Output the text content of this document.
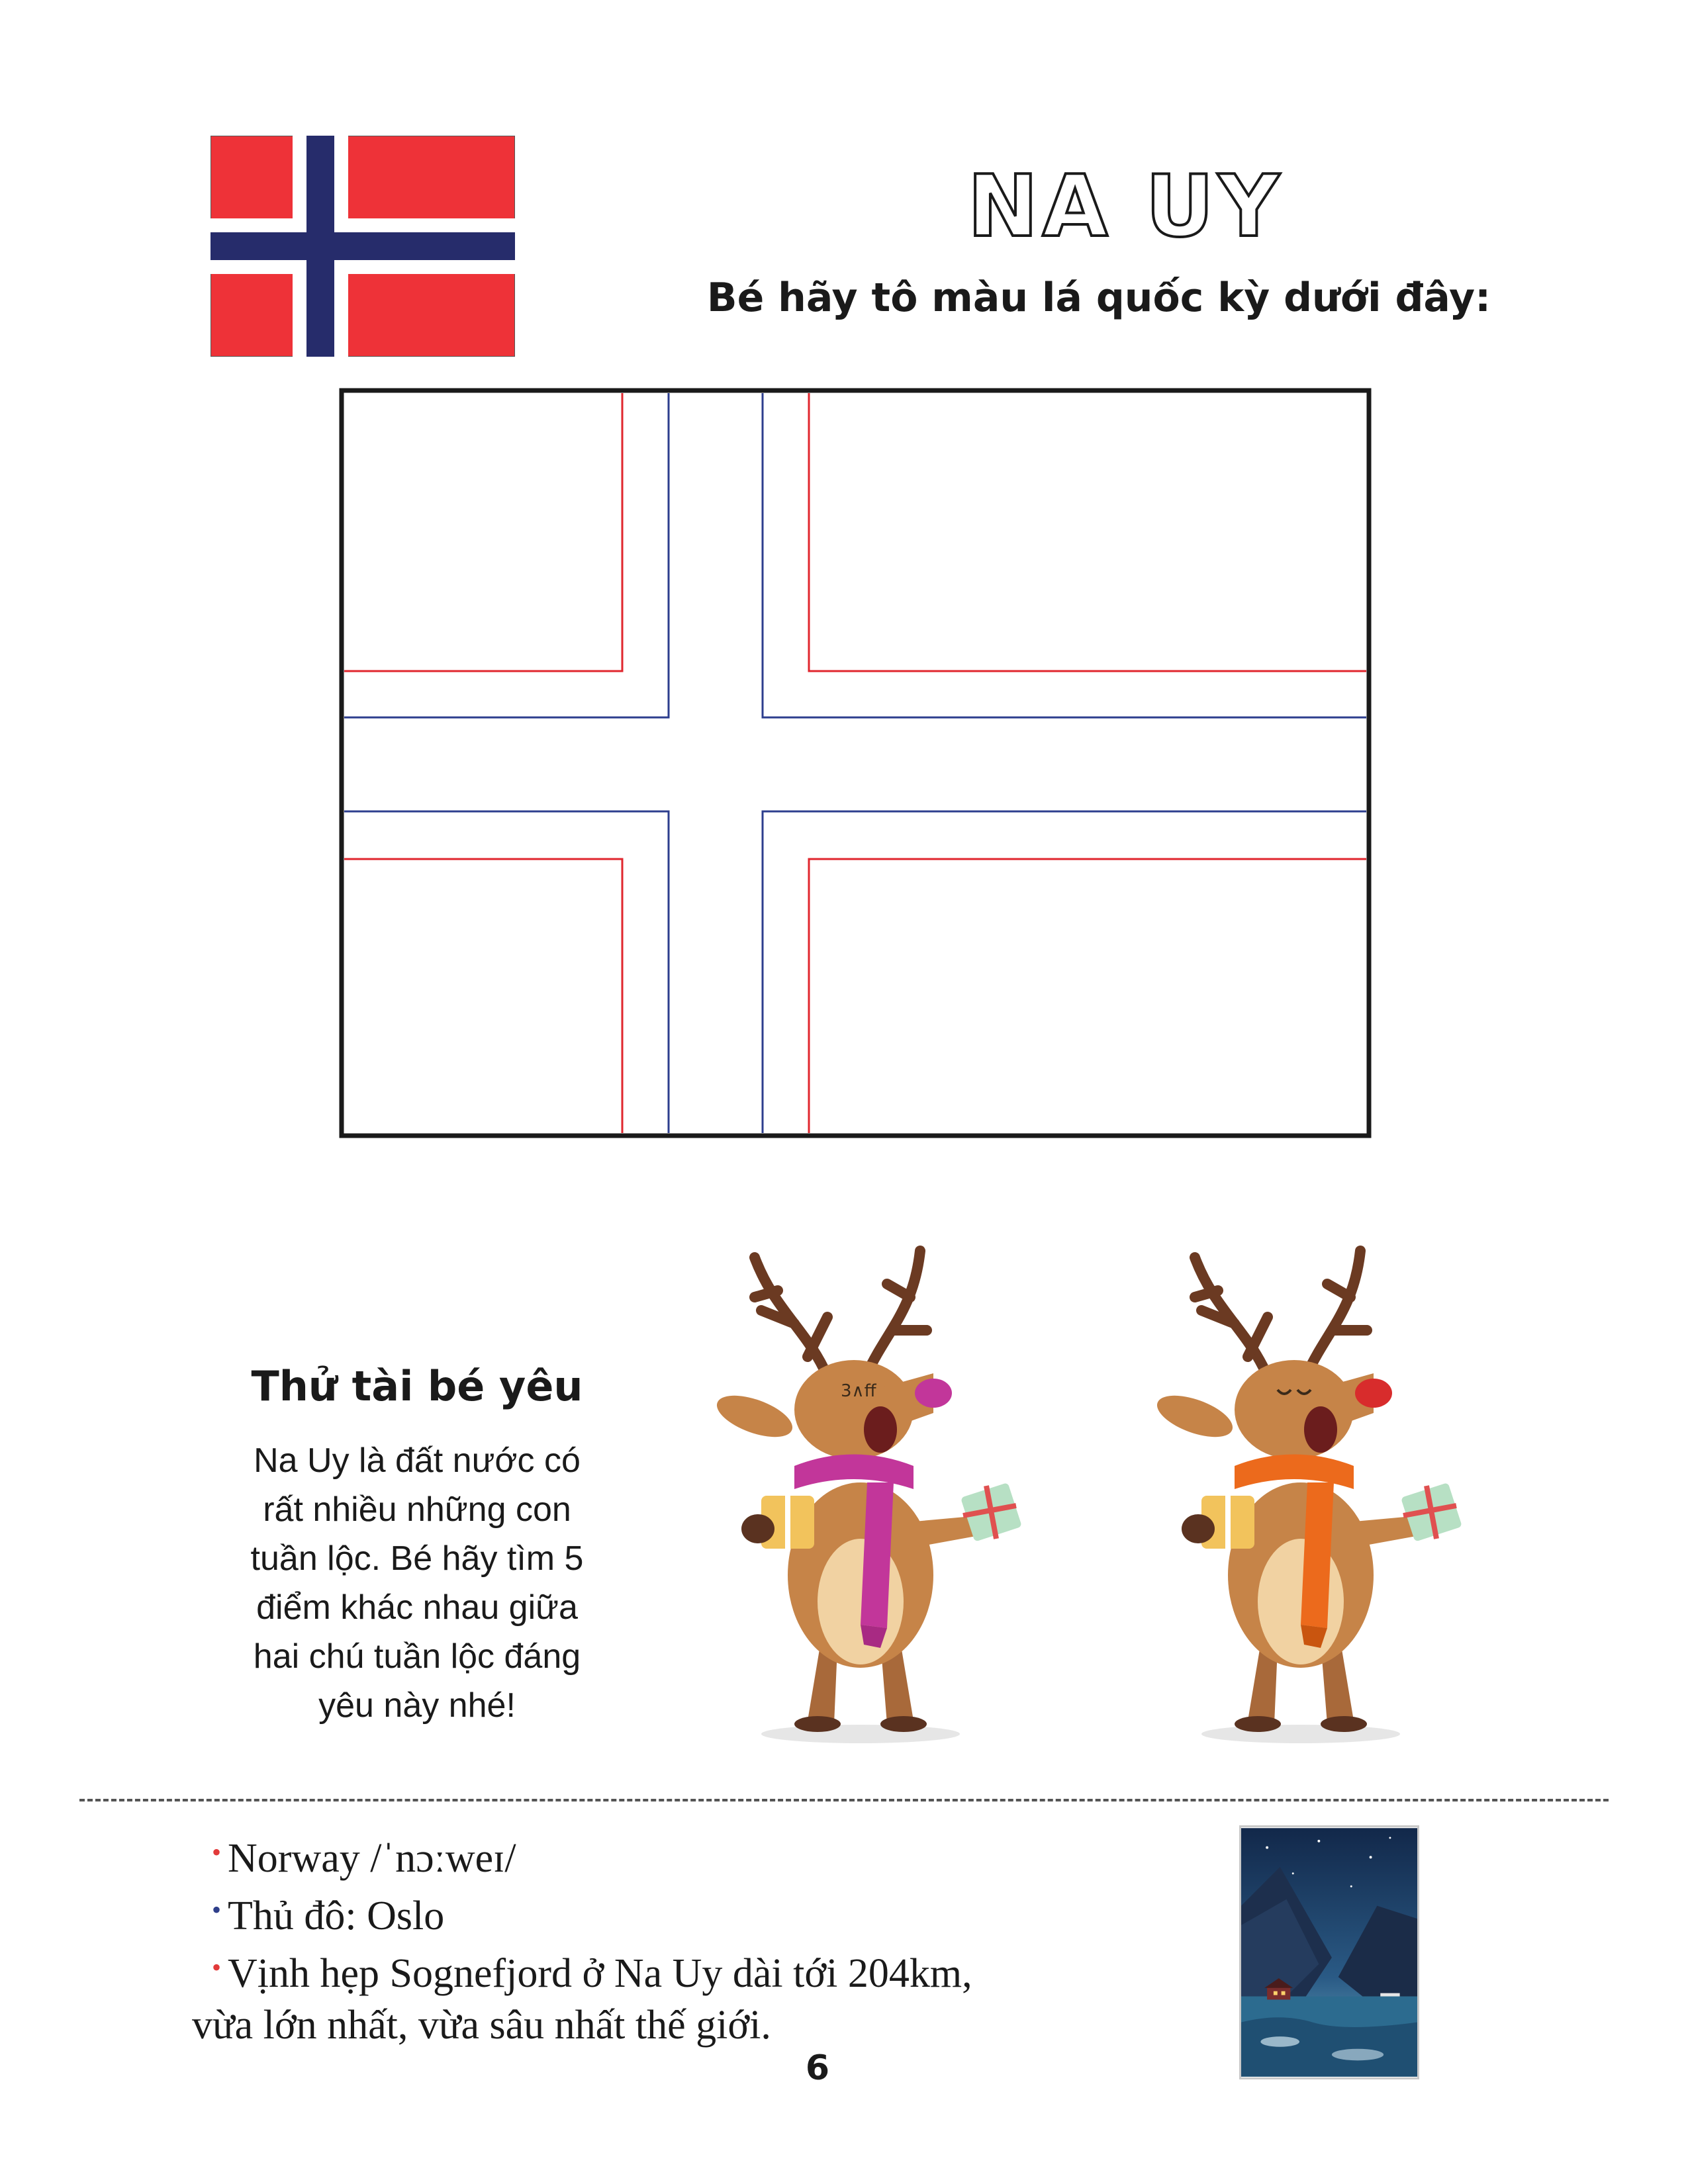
NA UY
Bé hãy tô màu lá quốc kỳ dưới đây:
Thử tài bé yêu
Na Uy là đất nước có
rất nhiều những con
tuần lộc. Bé hãy tìm 5
điểm khác nhau giữa
hai chú tuần lộc đáng
yêu này nhé!
3∧ff
• Norway /ˈnɔːweɪ/
• Thủ đô: Oslo
• Vịnh hẹp Sognefjord ở Na Uy dài tới 204km,
vừa lớn nhất, vừa sâu nhất thế giới.
6
